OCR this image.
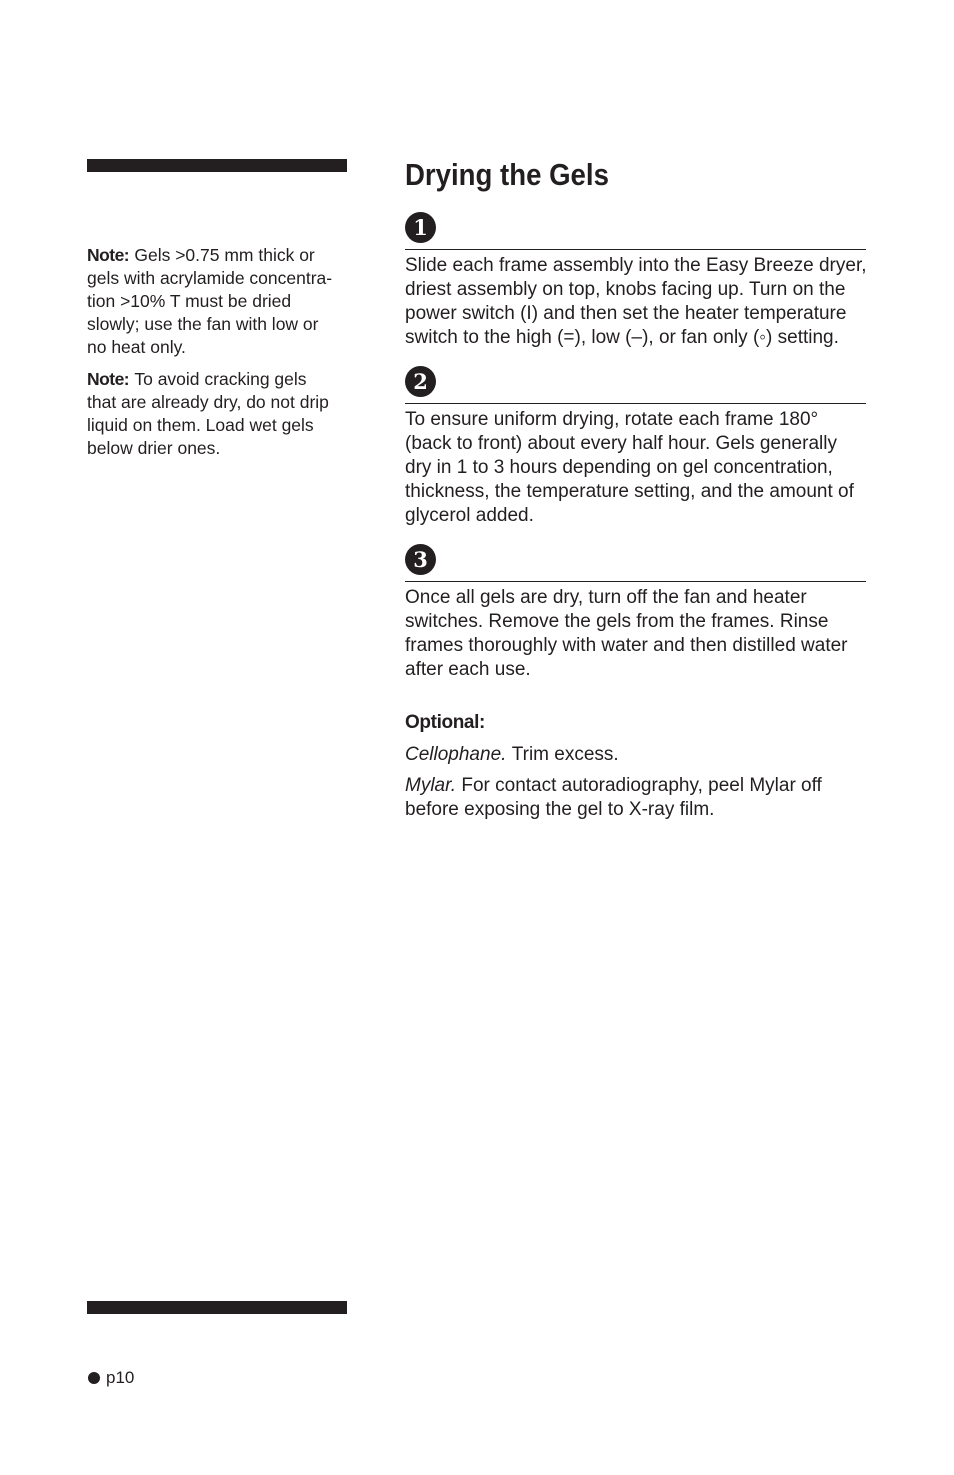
Note: Gels >0.75 mm thick or
gels with acrylamide concentra-
tion >10% T must be dried
slowly; use the fan with low or
no heat only.
Note: To avoid cracking gels
that are already dry, do not drip
liquid on them. Load wet gels
below drier ones.
Drying the Gels
1
Slide each frame assembly into the Easy Breeze dryer,
driest assembly on top, knobs facing up. Turn on the
power switch (I) and then set the heater temperature
switch to the high (=), low (–), or fan only (◦) setting.
2
To ensure uniform drying, rotate each frame 180°
(back to front) about every half hour. Gels generally
dry in 1 to 3 hours depending on gel concentration,
thickness, the temperature setting, and the amount of
glycerol added.
3
Once all gels are dry, turn off the fan and heater
switches. Remove the gels from the frames. Rinse
frames thoroughly with water and then distilled water
after each use.
Optional:
Cellophane. Trim excess.
Mylar. For contact autoradiography, peel Mylar off
before exposing the gel to X-ray film.
p10
